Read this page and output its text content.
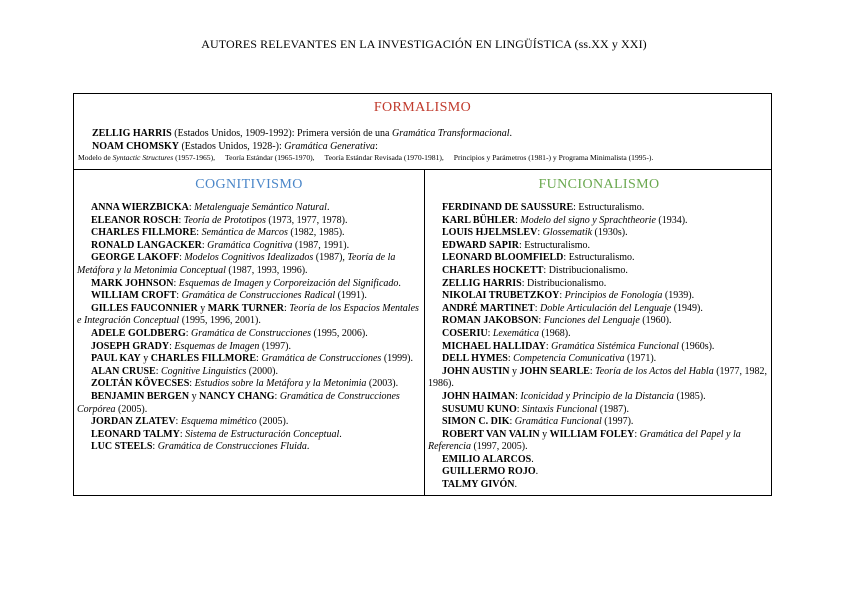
AUTORES RELEVANTES EN LA INVESTIGACIÓN EN LINGÜÍSTICA (ss.XX y XXI)
FORMALISMO
ZELLIG HARRIS (Estados Unidos, 1909-1992): Primera versión de una Gramática Transformacional.
NOAM CHOMSKY (Estados Unidos, 1928-): Gramática Generativa:
Modelo de Syntactic Structures (1957-1965), Teoría Estándar (1965-1970), Teoría Estándar Revisada (1970-1981), Principios y Parámetros (1981-) y Programa Minimalista (1995-).
COGNITIVISMO	FUNCIONALISMO
ANNA WIERZBICKA: Metalenguaje Semántico Natural.
ELEANOR ROSCH: Teoría de Prototipos (1973, 1977, 1978).
CHARLES FILLMORE: Semántica de Marcos (1982, 1985).
RONALD LANGACKER: Gramática Cognitiva (1987, 1991).
GEORGE LAKOFF: Modelos Cognitivos Idealizados (1987), Teoría de la Metáfora y la Metonimia Conceptual (1987, 1993, 1996).
MARK JOHNSON: Esquemas de Imagen y Corporeización del Significado.
WILLIAM CROFT: Gramática de Construcciones Radical (1991).
GILLES FAUCONNIER y MARK TURNER: Teoría de los Espacios Mentales e Integración Conceptual (1995, 1996, 2001).
ADELE GOLDBERG: Gramática de Construcciones (1995, 2006).
JOSEPH GRADY: Esquemas de Imagen (1997).
PAUL KAY y CHARLES FILLMORE: Gramática de Construcciones (1999).
ALAN CRUSE: Cognitive Linguistics (2000).
ZOLTÁN KÖVECSES: Estudios sobre la Metáfora y la Metonimia (2003).
BENJAMIN BERGEN y NANCY CHANG: Gramática de Construcciones Corpórea (2005).
JORDAN ZLATEV: Esquema mimético (2005).
LEONARD TALMY: Sistema de Estructuración Conceptual.
LUC STEELS: Gramática de Construcciones Fluida.
FERDINAND DE SAUSSURE: Estructuralismo.
KARL BÜHLER: Modelo del signo y Sprachtheorie (1934).
LOUIS HJELMSLEV: Glossematik (1930s).
EDWARD SAPIR: Estructuralismo.
LEONARD BLOOMFIELD: Estructuralismo.
CHARLES HOCKETT: Distribucionalismo.
ZELLIG HARRIS: Distribucionalismo.
NIKOLAI TRUBETZKOY: Principios de Fonología (1939).
ANDRÉ MARTINET: Doble Articulación del Lenguaje (1949).
ROMAN JAKOBSON: Funciones del Lenguaje (1960).
COSERIU: Lexemática (1968).
MICHAEL HALLIDAY: Gramática Sistémica Funcional (1960s).
DELL HYMES: Competencia Comunicativa (1971).
JOHN AUSTIN y JOHN SEARLE: Teoría de los Actos del Habla (1977, 1982, 1986).
JOHN HAIMAN: Iconicidad y Principio de la Distancia (1985).
SUSUMU KUNO: Sintaxis Funcional (1987).
SIMON C. DIK: Gramática Funcional (1997).
ROBERT VAN VALIN y WILLIAM FOLEY: Gramática del Papel y la Referencia (1997, 2005).
EMILIO ALARCOS.
GUILLERMO ROJO.
TALMY GIVÓN.
